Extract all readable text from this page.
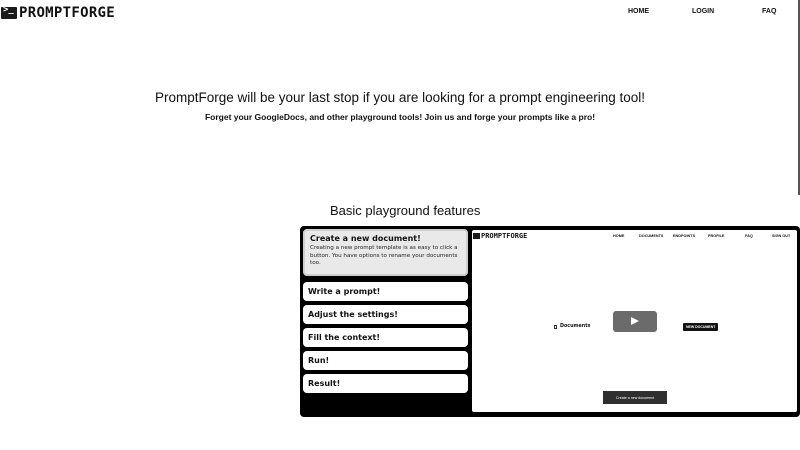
>_ PROMPTFORGE	HOME	LOGIN	FAQ
PromptForge will be your last stop if you are looking for a prompt engineering tool!
Forget your GoogleDocs, and other playground tools! Join us and forge your prompts like a pro!
Basic playground features
Create a new document!
Creating a new prompt template is as easy to click a button. You have options to rename your documents too.
Write a prompt!
Adjust the settings!
Fill the context!
Run!
Result!
PROMPTFORGE	HOME	DOCUMENTS	ENDPOINTS	PROFILE	FAQ	SIGN OUT
Documents	NEW DOCUMENT
Create a new document
